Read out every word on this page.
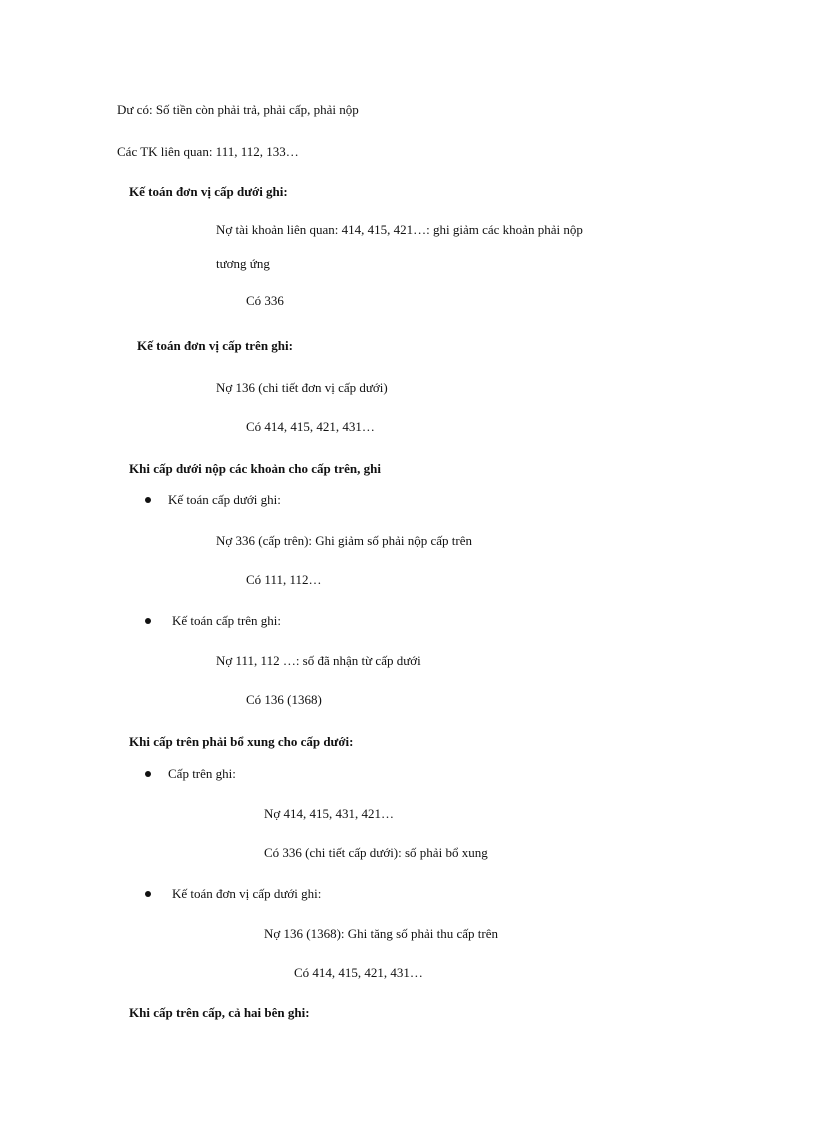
Dư có: Số tiền còn phải trả, phải cấp, phải nộp
Các TK liên quan: 111, 112, 133…
Kế toán đơn vị cấp dưới ghi:
Nợ tài khoản liên quan: 414, 415, 421…: ghi giảm các khoản phải nộp
tương ứng
Có 336
Kế toán đơn vị cấp trên ghi:
Nợ 136 (chi tiết đơn vị cấp dưới)
Có 414, 415, 421, 431…
Khi cấp dưới nộp các khoản cho cấp trên, ghi
Kế toán cấp dưới ghi:
Nợ 336 (cấp trên): Ghi giảm số phải nộp cấp trên
Có 111, 112…
Kế toán cấp trên ghi:
Nợ 111, 112 …: số đã nhận từ cấp dưới
Có 136 (1368)
Khi cấp trên phải bổ xung cho cấp dưới:
Cấp trên ghi:
Nợ 414, 415, 431, 421…
Có 336 (chi tiết cấp dưới): số phải bổ xung
Kế toán đơn vị cấp dưới ghi:
Nợ 136 (1368): Ghi tăng số phải thu cấp trên
Có 414, 415, 421, 431…
Khi cấp trên cấp, cả hai bên ghi:
